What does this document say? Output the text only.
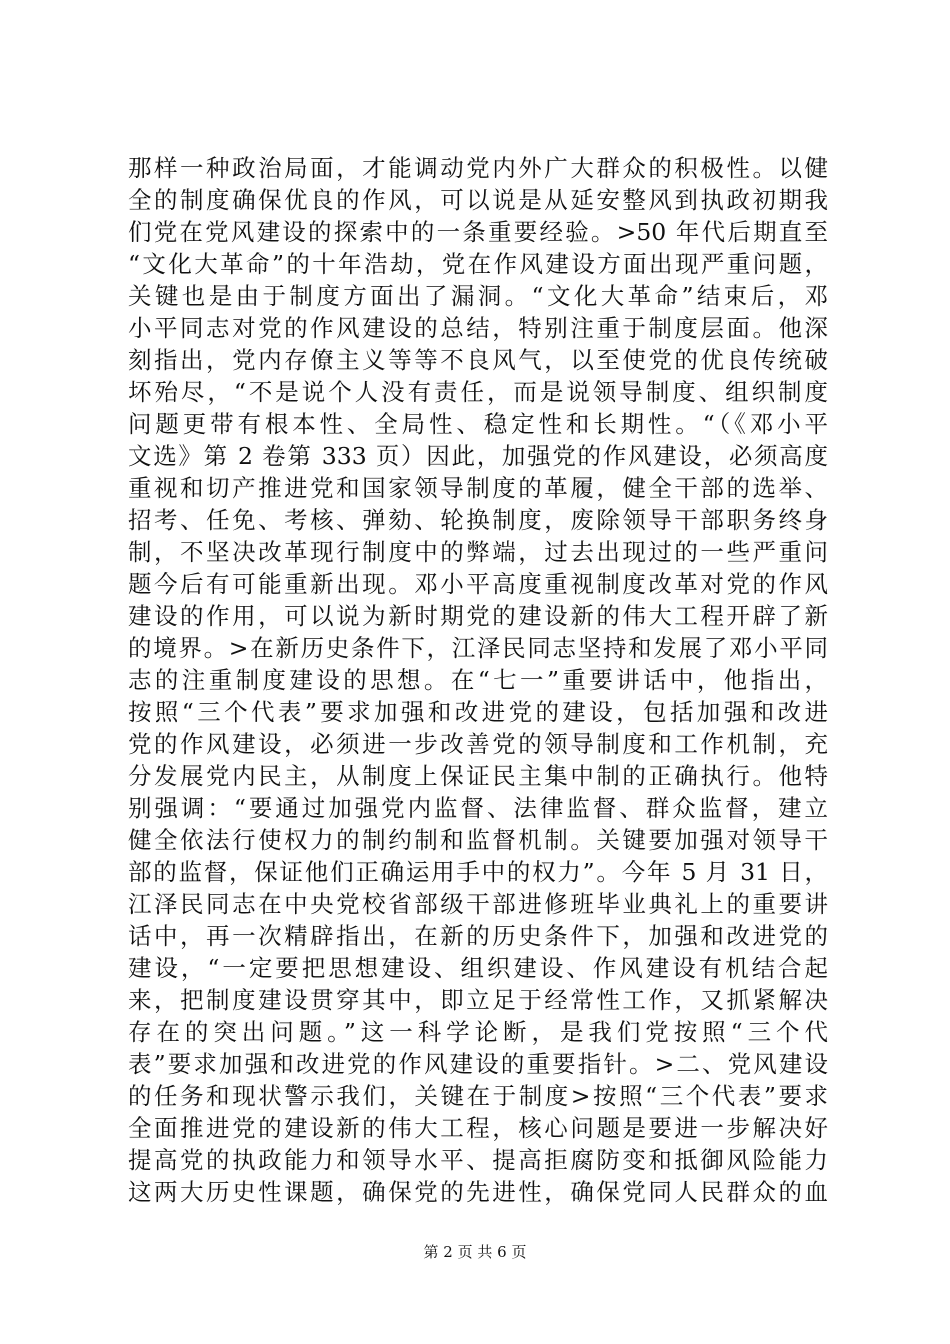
那样一种政治局面，才能调动党内外广大群众的积极性。以健
全的制度确保优良的作风，可以说是从延安整风到执政初期我
们党在党风建设的探索中的一条重要经验。>50 年代后期直至
“文化大革命”的十年浩劫，党在作风建设方面出现严重问题，
关键也是由于制度方面出了漏洞。“文化大革命”结束后，邓
小平同志对党的作风建设的总结，特别注重于制度层面。他深
刻指出，党内存僚主义等等不良风气，以至使党的优良传统破
坏殆尽，“不是说个人没有责任，而是说领导制度、组织制度
问题更带有根本性、全局性、稳定性和长期性。“（《邓小平
文选》第 2 卷第 333 页）因此，加强党的作风建设，必须高度
重视和切产推进党和国家领导制度的革履，健全干部的选举、
招考、任免、考核、弹劾、轮换制度，废除领导干部职务终身
制，不坚决改革现行制度中的弊端，过去出现过的一些严重问
题今后有可能重新出现。邓小平高度重视制度改革对党的作风
建设的作用，可以说为新时期党的建设新的伟大工程开辟了新
的境界。>在新历史条件下，江泽民同志坚持和发展了邓小平同
志的注重制度建设的思想。在“七一”重要讲话中，他指出，
按照“三个代表”要求加强和改进党的建设，包括加强和改进
党的作风建设，必须进一步改善党的领导制度和工作机制，充
分发展党内民主，从制度上保证民主集中制的正确执行。他特
别强调：“要通过加强党内监督、法律监督、群众监督，建立
健全依法行使权力的制约制和监督机制。关键要加强对领导干
部的监督，保证他们正确运用手中的权力”。今年 5 月 31 日，
江泽民同志在中央党校省部级干部进修班毕业典礼上的重要讲
话中，再一次精辟指出，在新的历史条件下，加强和改进党的
建设，“一定要把思想建设、组织建设、作风建设有机结合起
来，把制度建设贯穿其中，即立足于经常性工作，又抓紧解决
存在的突出问题。”这一科学论断，是我们党按照“三个代
表”要求加强和改进党的作风建设的重要指针。>二、党风建设
的任务和现状警示我们，关键在于制度>按照“三个代表”要求
全面推进党的建设新的伟大工程，核心问题是要进一步解决好
提高党的执政能力和领导水平、提高拒腐防变和抵御风险能力
这两大历史性课题，确保党的先进性，确保党同人民群众的血
第 2 页 共 6 页
